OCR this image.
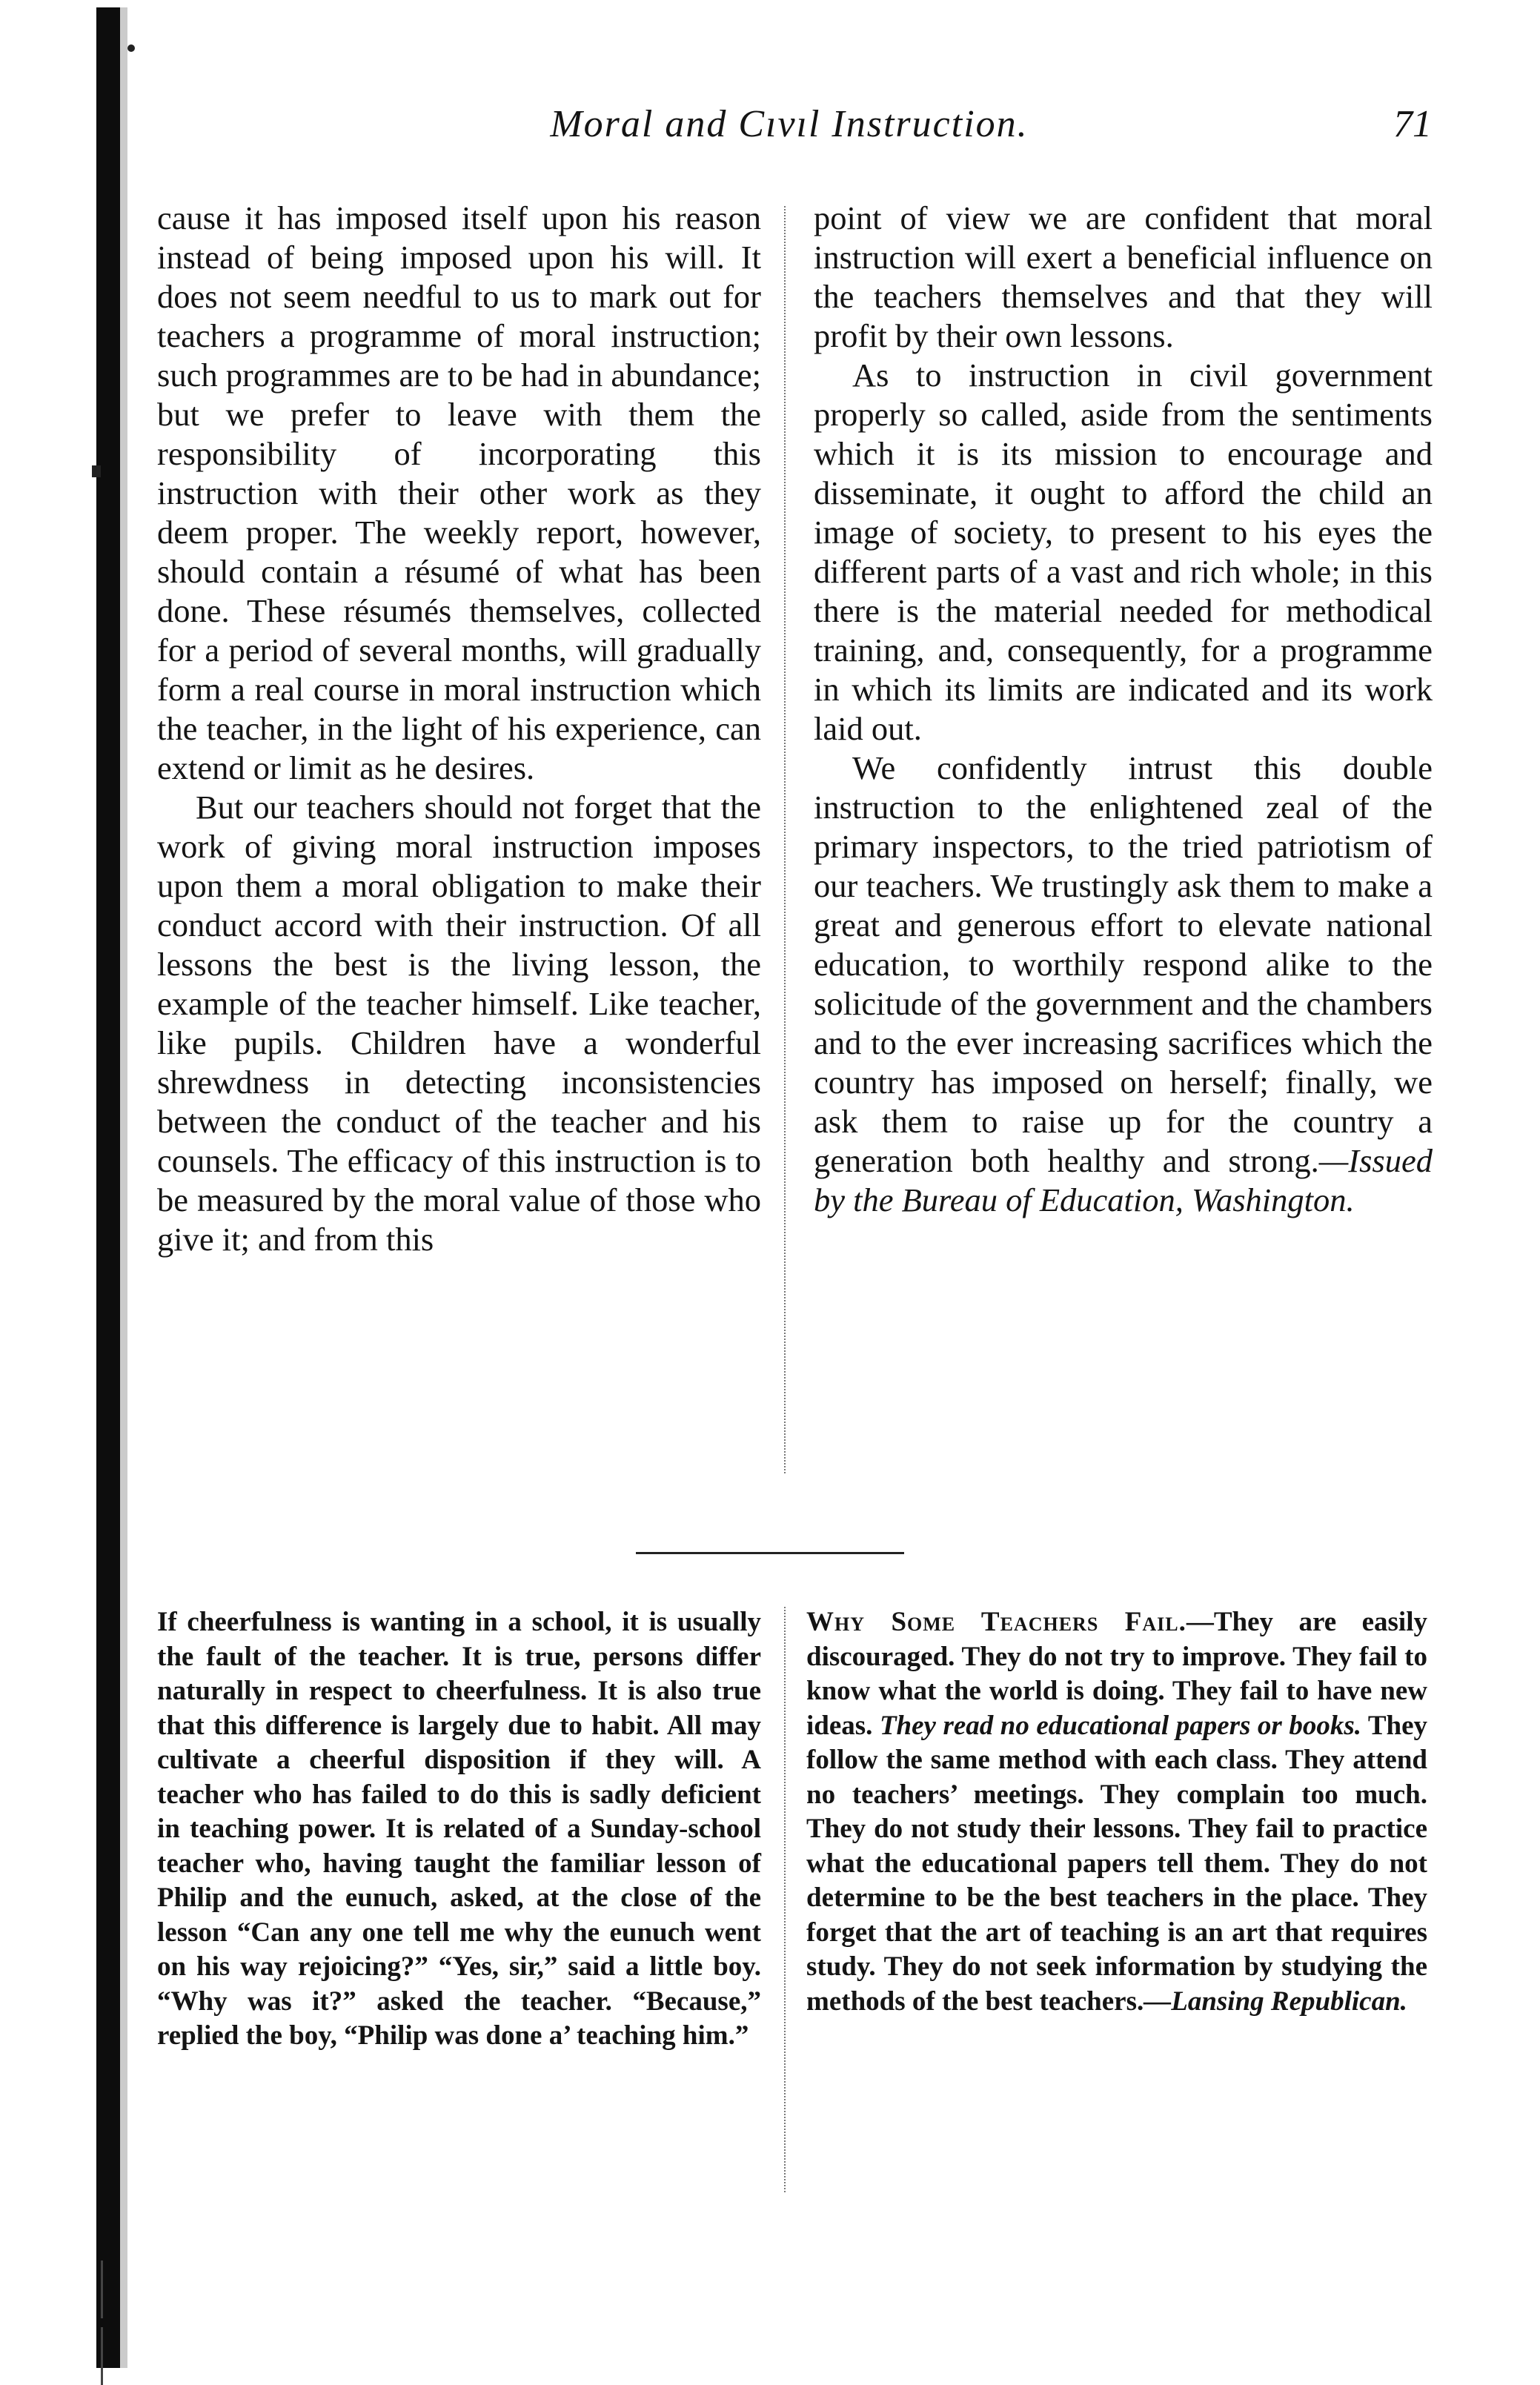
Moral and Cıvıl Instruction.	71

cause it has imposed itself upon his reason instead of being imposed upon his will. It does not seem needful to us to mark out for teachers a programme of moral instruction; such programmes are to be had in abundance; but we prefer to leave with them the responsibility of incorporating this instruction with their other work as they deem proper. The weekly report, however, should contain a résumé of what has been done. These résumés themselves, collected for a period of several months, will gradually form a real course in moral instruction which the teacher, in the light of his experience, can extend or limit as he desires.

But our teachers should not forget that the work of giving moral instruction imposes upon them a moral obligation to make their conduct accord with their instruction. Of all lessons the best is the living lesson, the example of the teacher himself. Like teacher, like pupils. Children have a wonderful shrewdness in detecting inconsistencies between the conduct of the teacher and his counsels. The efficacy of this instruction is to be measured by the moral value of those who give it; and from this

point of view we are confident that moral instruction will exert a beneficial influence on the teachers themselves and that they will profit by their own lessons.

As to instruction in civil government properly so called, aside from the sentiments which it is its mission to encourage and disseminate, it ought to afford the child an image of society, to present to his eyes the different parts of a vast and rich whole; in this there is the material needed for methodical training, and, consequently, for a programme in which its limits are indicated and its work laid out.

We confidently intrust this double instruction to the enlightened zeal of the primary inspectors, to the tried patriotism of our teachers. We trustingly ask them to make a great and generous effort to elevate national education, to worthily respond alike to the solicitude of the government and the chambers and to the ever increasing sacrifices which the country has imposed on herself; finally, we ask them to raise up for the country a generation both healthy and strong.—Issued by the Bureau of Education, Washington.

If cheerfulness is wanting in a school, it is usually the fault of the teacher. It is true, persons differ naturally in respect to cheerfulness. It is also true that this difference is largely due to habit. All may cultivate a cheerful disposition if they will. A teacher who has failed to do this is sadly deficient in teaching power. It is related of a Sunday-school teacher who, having taught the familiar lesson of Philip and the eunuch, asked, at the close of the lesson “Can any one tell me why the eunuch went on his way rejoicing?” “Yes, sir,” said a little boy. “Why was it?” asked the teacher. “Because,” replied the boy, “Philip was done a’ teaching him.”

Why Some Teachers Fail.—They are easily discouraged. They do not try to improve. They fail to know what the world is doing. They fail to have new ideas. They read no educational papers or books. They follow the same method with each class. They attend no teachers’ meetings. They complain too much. They do not study their lessons. They fail to practice what the educational papers tell them. They do not determine to be the best teachers in the place. They forget that the art of teaching is an art that requires study. They do not seek information by studying the methods of the best teachers.—Lansing Republican.
